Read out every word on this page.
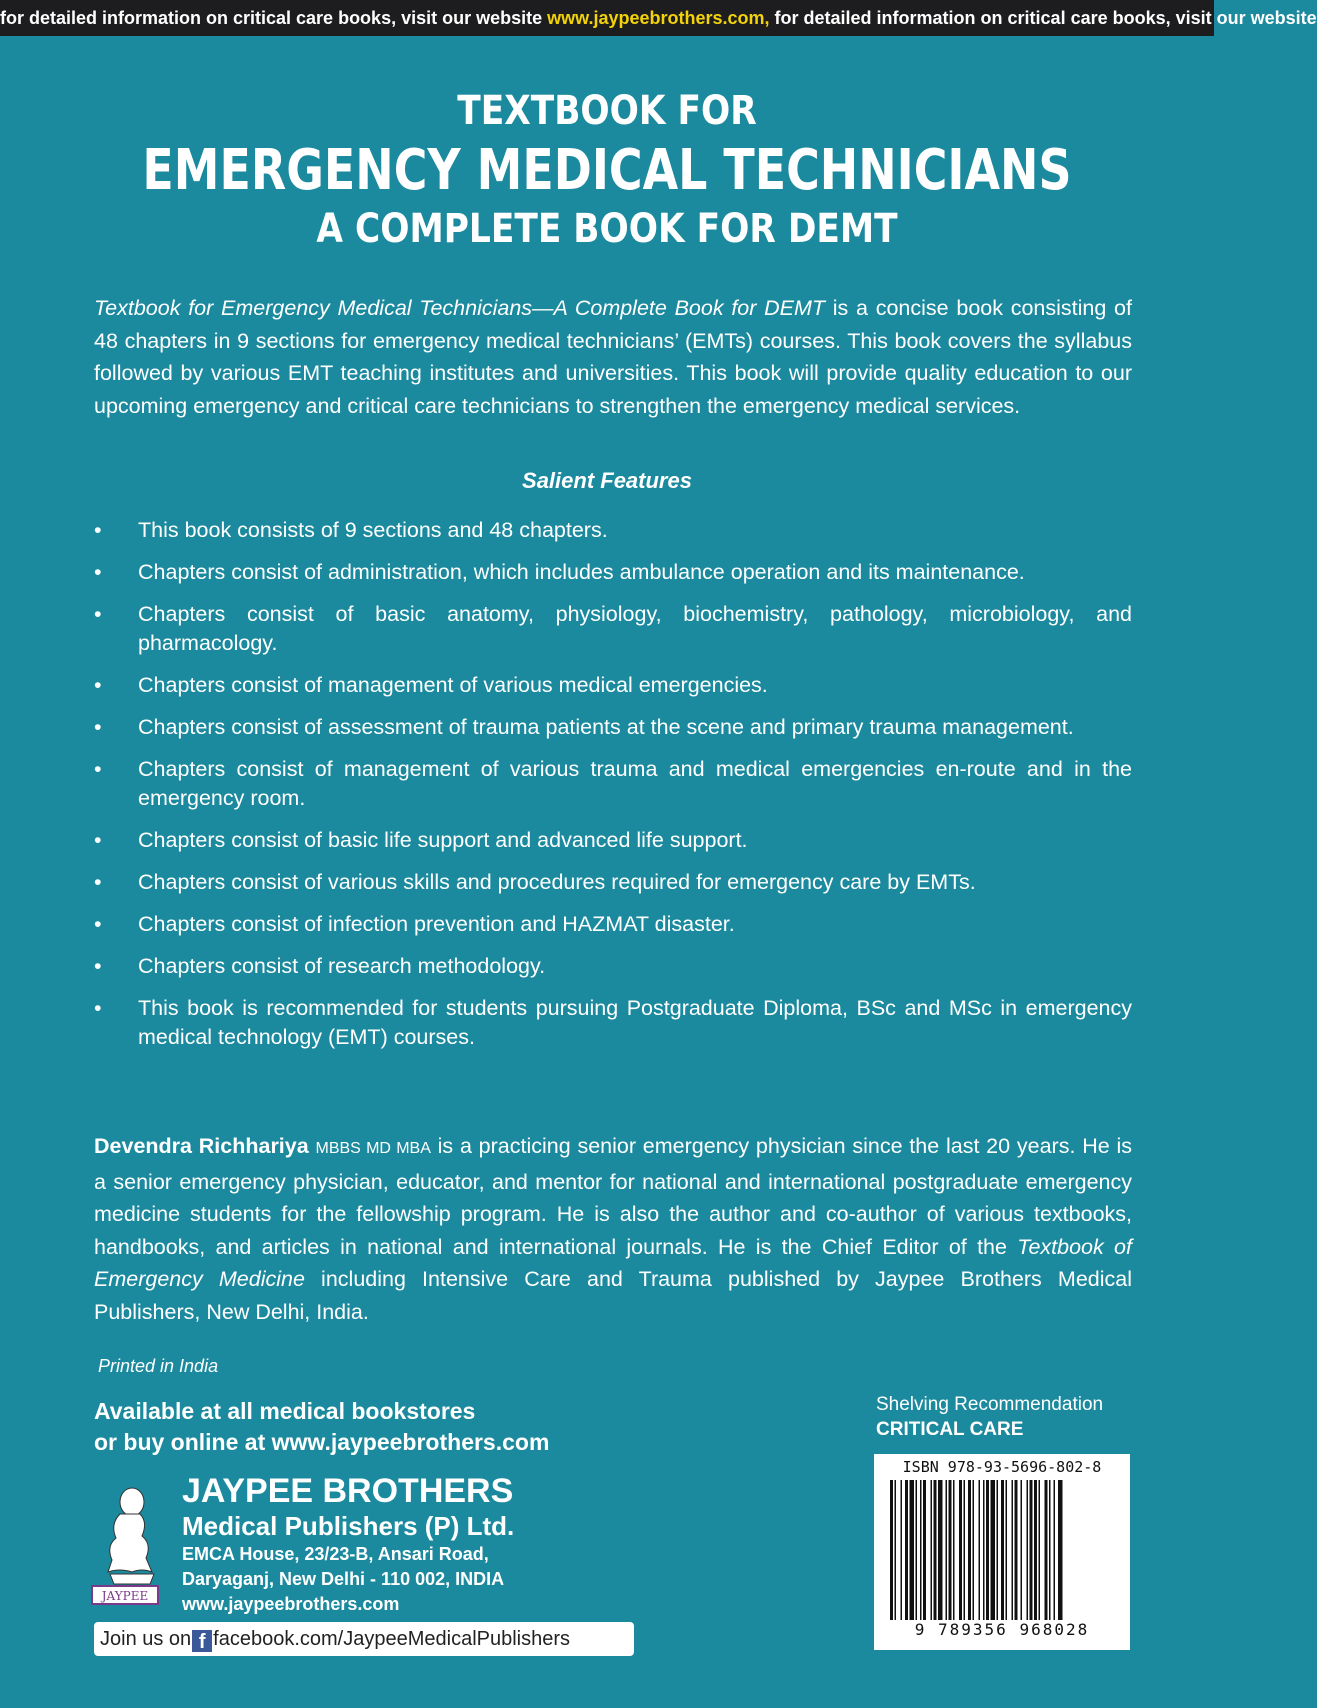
for detailed information on critical care books, visit our website www.jaypeebrothers.com, for detailed information on critical care books, visit our website
TEXTBOOK FOR
EMERGENCY MEDICAL TECHNICIANS
A COMPLETE BOOK FOR DEMT
Textbook for Emergency Medical Technicians—A Complete Book for DEMT is a concise book consisting of 48 chapters in 9 sections for emergency medical technicians’ (EMTs) courses. This book covers the syllabus followed by various EMT teaching institutes and universities. This book will provide quality education to our upcoming emergency and critical care technicians to strengthen the emergency medical services.
Salient Features
• This book consists of 9 sections and 48 chapters.
• Chapters consist of administration, which includes ambulance operation and its maintenance.
• Chapters consist of basic anatomy, physiology, biochemistry, pathology, microbiology, and pharmacology.
• Chapters consist of management of various medical emergencies.
• Chapters consist of assessment of trauma patients at the scene and primary trauma management.
• Chapters consist of management of various trauma and medical emergencies en-route and in the emergency room.
• Chapters consist of basic life support and advanced life support.
• Chapters consist of various skills and procedures required for emergency care by EMTs.
• Chapters consist of infection prevention and HAZMAT disaster.
• Chapters consist of research methodology.
• This book is recommended for students pursuing Postgraduate Diploma, BSc and MSc in emergency medical technology (EMT) courses.
Devendra Richhariya MBBS MD MBA is a practicing senior emergency physician since the last 20 years. He is a senior emergency physician, educator, and mentor for national and international postgraduate emergency medicine students for the fellowship program. He is also the author and co-author of various textbooks, handbooks, and articles in national and international journals. He is the Chief Editor of the Textbook of Emergency Medicine including Intensive Care and Trauma published by Jaypee Brothers Medical Publishers, New Delhi, India.
Printed in India
Available at all medical bookstores
or buy online at www.jaypeebrothers.com
JAYPEE
JAYPEE BROTHERS
Medical Publishers (P) Ltd.
EMCA House, 23/23-B, Ansari Road,
Daryaganj, New Delhi - 110 002, INDIA
www.jaypeebrothers.com
Join us on f facebook.com/JaypeeMedicalPublishers
Shelving Recommendation
CRITICAL CARE
ISBN 978-93-5696-802-8
9 789356 968028
